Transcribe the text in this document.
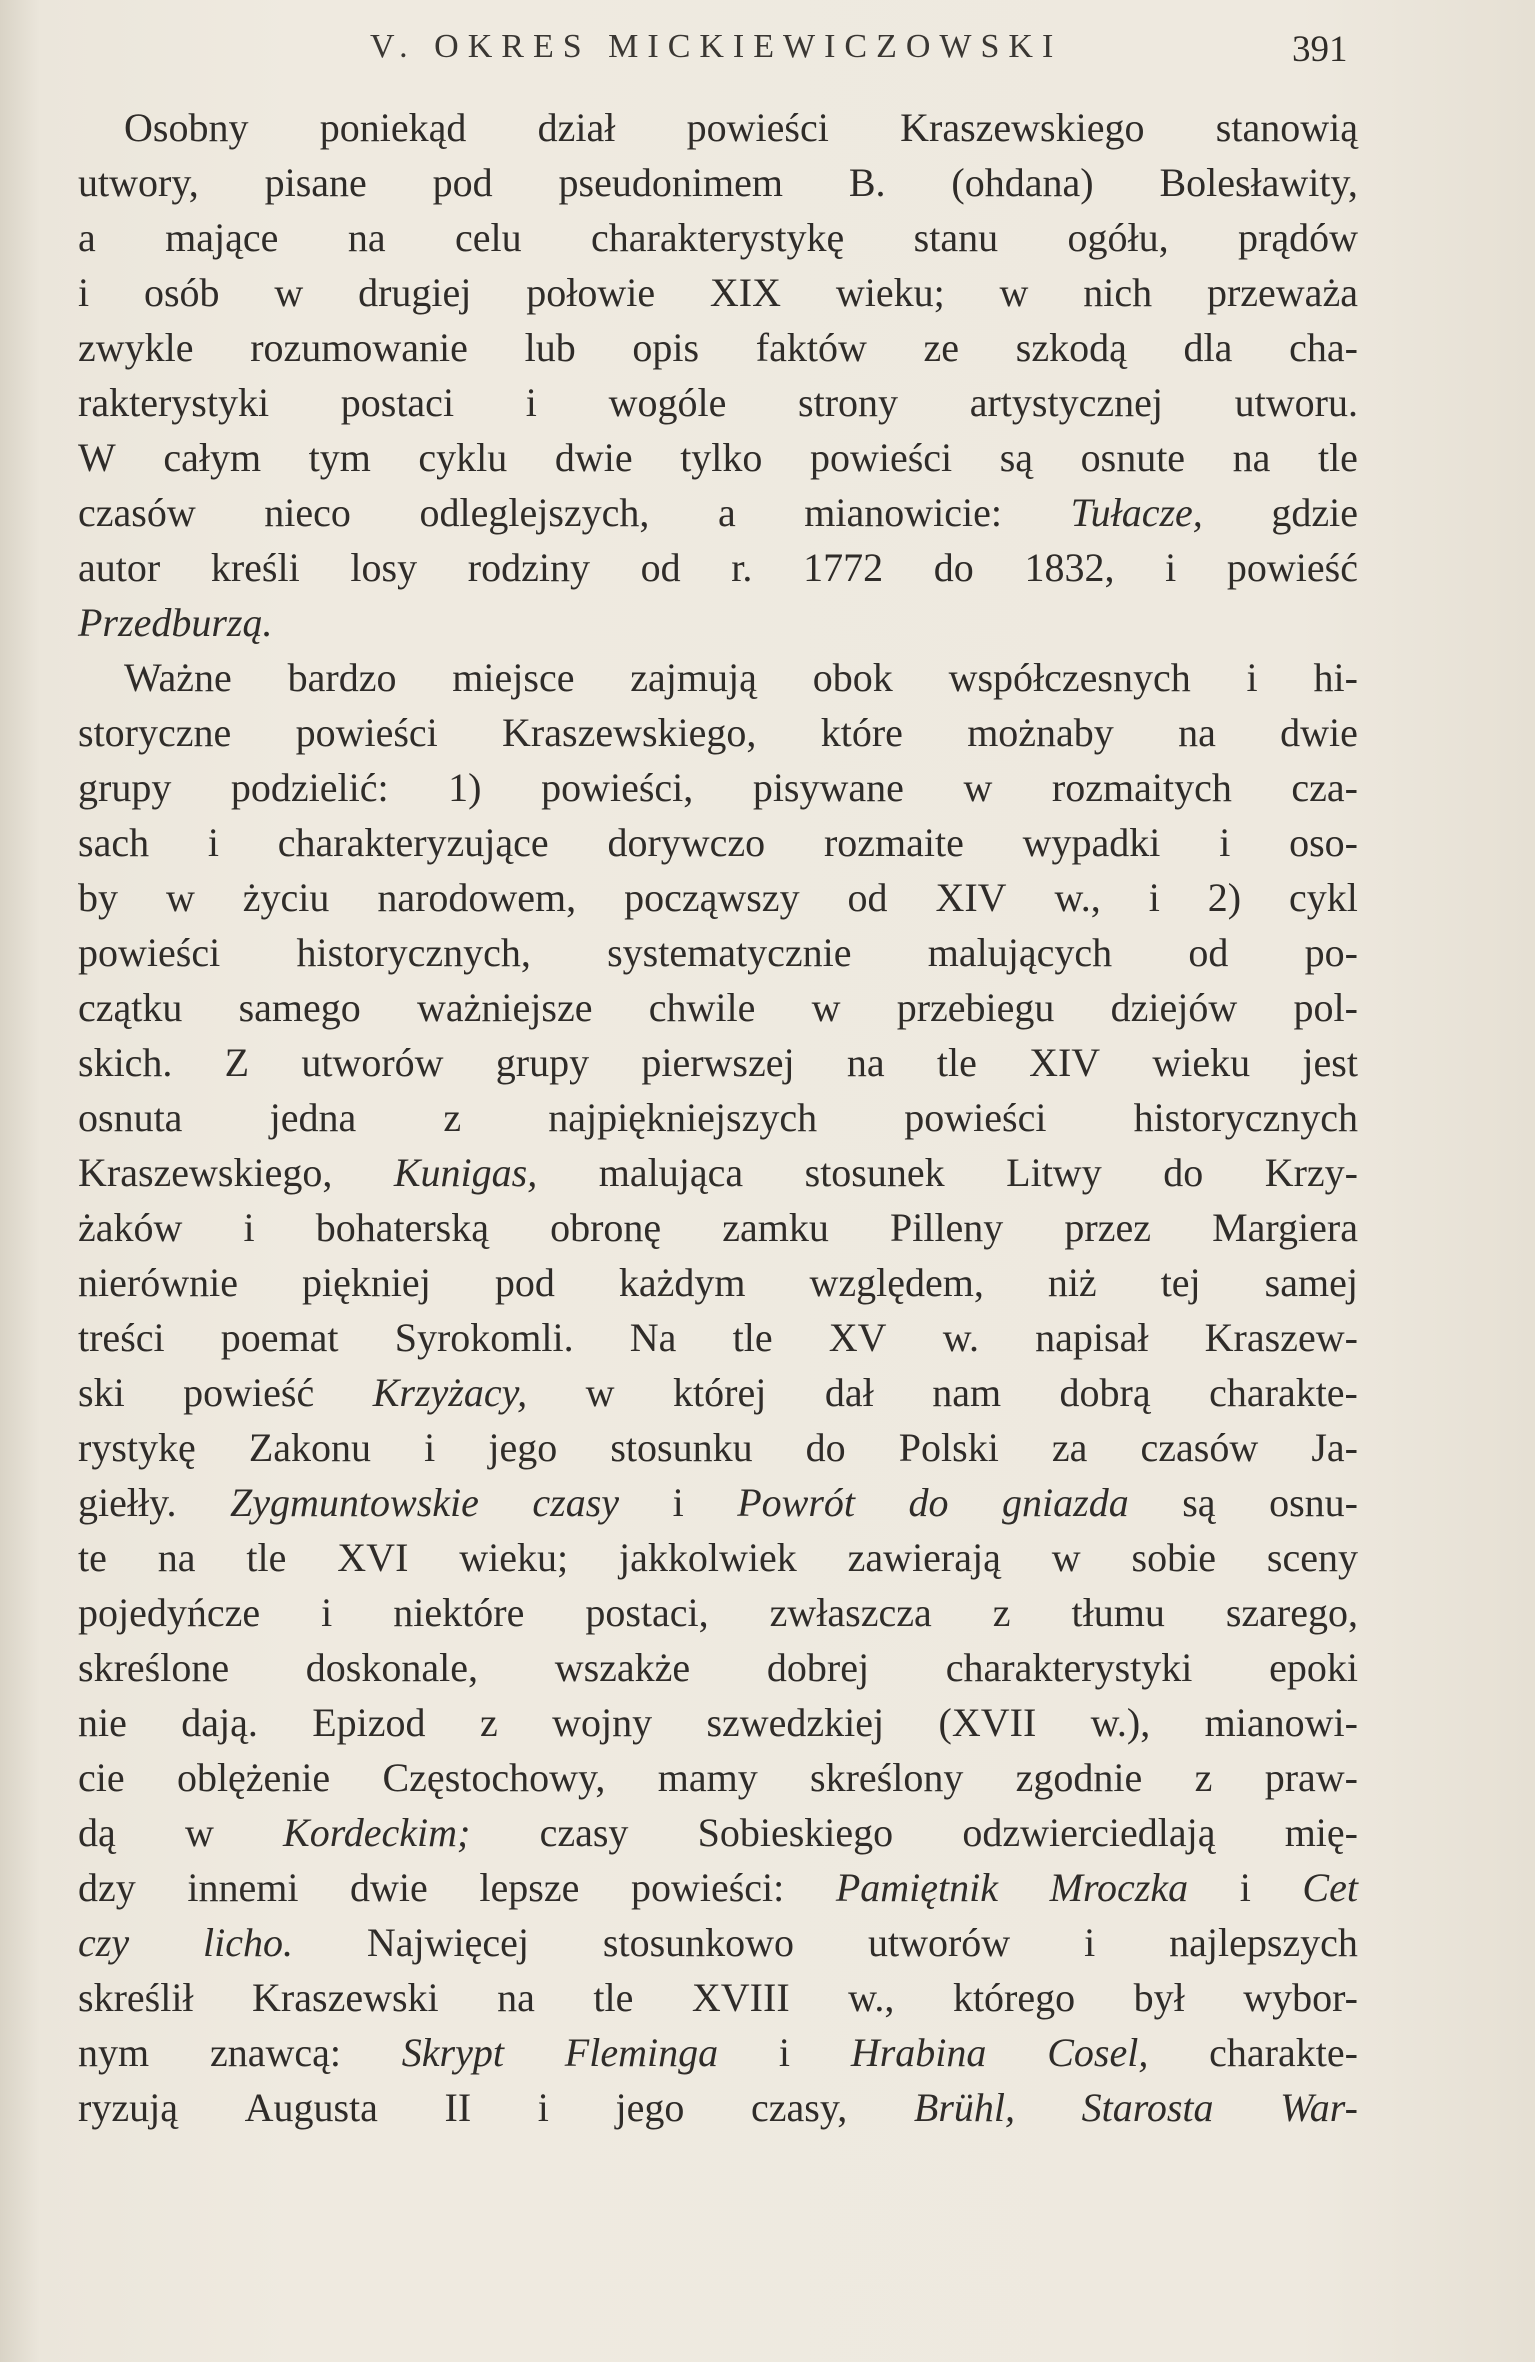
V. OKRES MICKIEWICZOWSKI	391
Osobny poniekąd dział powieści Kraszewskiego stanowią
utwory, pisane pod pseudonimem B. (ohdana) Bolesławity,
a mające na celu charakterystykę stanu ogółu, prądów
i osób w drugiej połowie XIX wieku; w nich przeważa
zwykle rozumowanie lub opis faktów ze szkodą dla cha-
rakterystyki postaci i wogóle strony artystycznej utworu.
W całym tym cyklu dwie tylko powieści są osnute na tle
czasów nieco odleglejszych, a mianowicie: Tułacze, gdzie
autor kreśli losy rodziny od r. 1772 do 1832, i powieść
Przed burzą.
Ważne bardzo miejsce zajmują obok współczesnych i hi-
storyczne powieści Kraszewskiego, które możnaby na dwie
grupy podzielić: 1) powieści, pisywane w rozmaitych cza-
sach i charakteryzujące dorywczo rozmaite wypadki i oso-
by w życiu narodowem, począwszy od XIV w., i 2) cykl
powieści historycznych, systematycznie malujących od po-
czątku samego ważniejsze chwile w przebiegu dziejów pol-
skich. Z utworów grupy pierwszej na tle XIV wieku jest
osnuta jedna z najpiękniejszych powieści historycznych
Kraszewskiego, Kunigas, malująca stosunek Litwy do Krzy-
żaków i bohaterską obronę zamku Pilleny przez Margiera
nierównie piękniej pod każdym względem, niż tej samej
treści poemat Syrokomli. Na tle XV w. napisał Kraszew-
ski powieść Krzyżacy, w której dał nam dobrą charakte-
rystykę Zakonu i jego stosunku do Polski za czasów Ja-
giełły. Zygmuntowskie czasy i Powrót do gniazda są osnu-
te na tle XVI wieku; jakkolwiek zawierają w sobie sceny
pojedyńcze i niektóre postaci, zwłaszcza z tłumu szarego,
skreślone doskonale, wszakże dobrej charakterystyki epoki
nie dają. Epizod z wojny szwedzkiej (XVII w.), mianowi-
cie oblężenie Częstochowy, mamy skreślony zgodnie z praw-
dą w Kordeckim; czasy Sobieskiego odzwierciedlają mię-
dzy innemi dwie lepsze powieści: Pamiętnik Mroczka i Cet
czy licho. Najwięcej stosunkowo utworów i najlepszych
skreślił Kraszewski na tle XVIII w., którego był wybor-
nym znawcą: Skrypt Fleminga i Hrabina Cosel, charakte-
ryzują Augusta II i jego czasy, Brühl, Starosta War-
